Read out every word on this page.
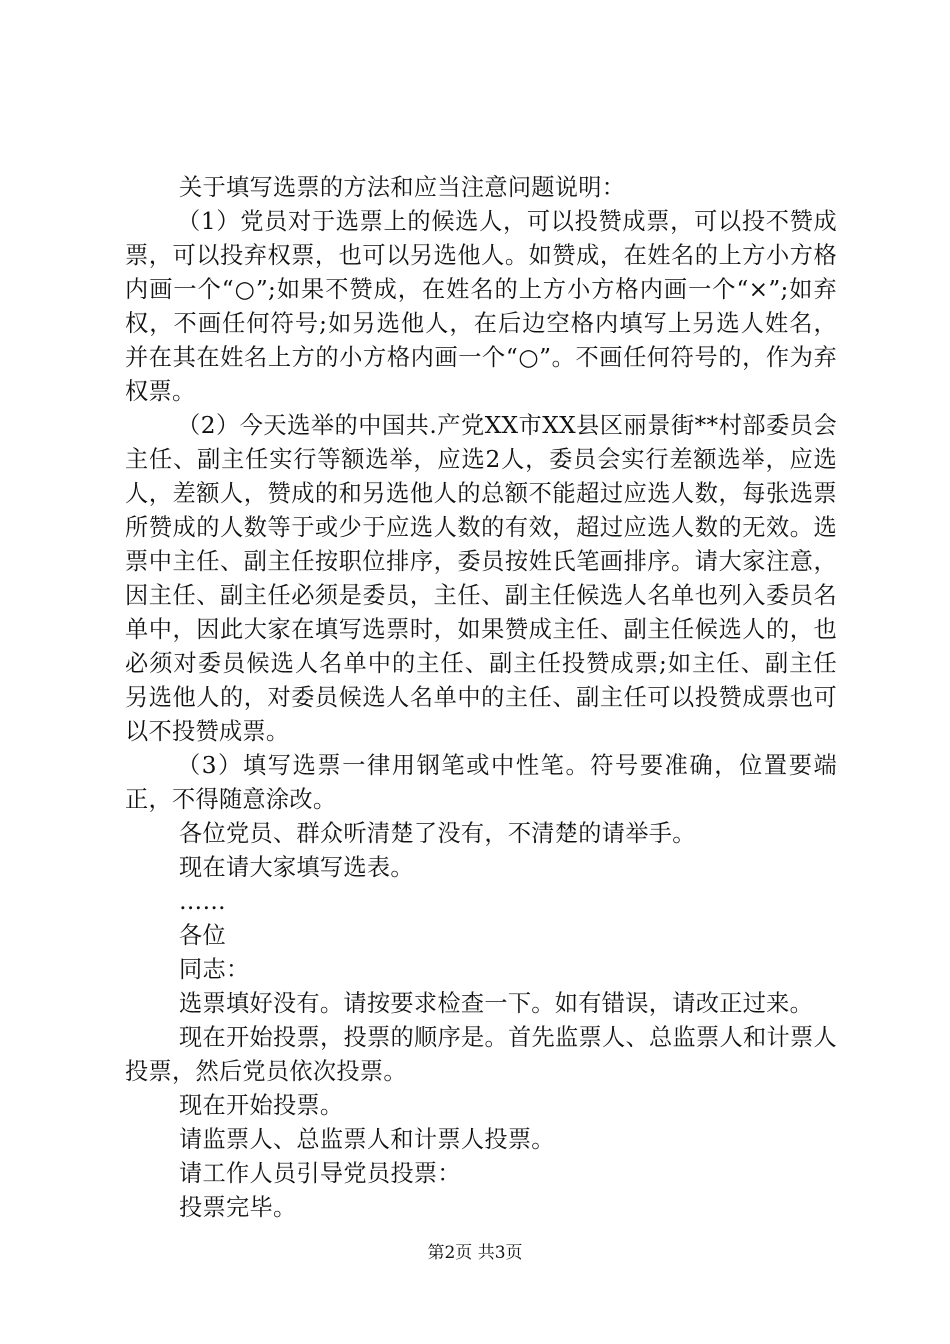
关于填写选票的方法和应当注意问题说明：

（1）党员对于选票上的候选人，可以投赞成票，可以投不赞成票，可以投弃权票，也可以另选他人。如赞成，在姓名的上方小方格内画一个“○”;如果不赞成，在姓名的上方小方格内画一个“×”;如弃权，不画任何符号;如另选他人，在后边空格内填写上另选人姓名，并在其在姓名上方的小方格内画一个“○”。不画任何符号的，作为弃权票。

（2）今天选举的中国共.产党XX市XX县区丽景街**村部委员会主任、副主任实行等额选举，应选2人，委员会实行差额选举，应选人，差额人，赞成的和另选他人的总额不能超过应选人数，每张选票所赞成的人数等于或少于应选人数的有效，超过应选人数的无效。选票中主任、副主任按职位排序，委员按姓氏笔画排序。请大家注意，因主任、副主任必须是委员，主任、副主任候选人名单也列入委员名单中，因此大家在填写选票时，如果赞成主任、副主任候选人的，也必须对委员候选人名单中的主任、副主任投赞成票;如主任、副主任另选他人的，对委员候选人名单中的主任、副主任可以投赞成票也可以不投赞成票。

（3）填写选票一律用钢笔或中性笔。符号要准确，位置要端正，不得随意涂改。

各位党员、群众听清楚了没有，不清楚的请举手。

现在请大家填写选表。

……

各位

同志：

选票填好没有。请按要求检查一下。如有错误，请改正过来。

现在开始投票，投票的顺序是。首先监票人、总监票人和计票人投票，然后党员依次投票。

现在开始投票。

请监票人、总监票人和计票人投票。

请工作人员引导党员投票：

投票完毕。

第2页 共3页
